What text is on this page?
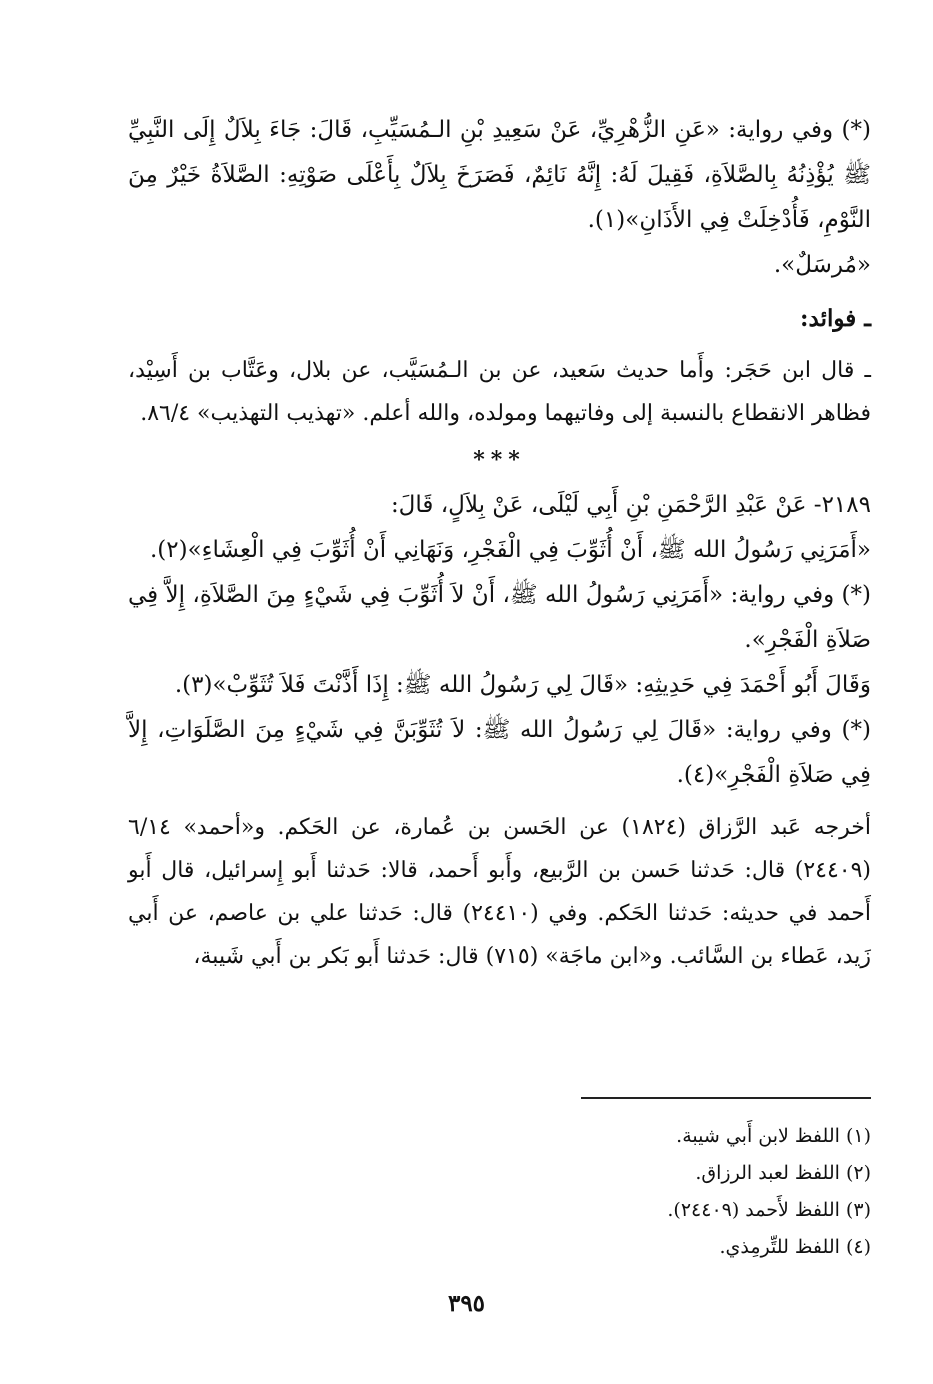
(*) وفي رواية: «عَنِ الزُّهْرِيِّ، عَنْ سَعِيدِ بْنِ الـمُسَيِّبِ، قَالَ: جَاءَ بِلاَلٌ إِلَى النَّبِيِّ ﷺ يُؤْذِنُهُ بِالصَّلاَةِ، فَقِيلَ لَهُ: إِنَّهُ نَائِمٌ، فَصَرَخَ بِلاَلٌ بِأَعْلَى صَوْتِهِ: الصَّلاَةُ خَيْرٌ مِنَ النَّوْمِ، فَأُدْخِلَتْ فِي الأَذَانِ»(١).

«مُرسَلٌ».

ـ فوائد:

ـ قال ابن حَجَر: وأَما حديث سَعيد، عن بن الـمُسَيَّب، عن بلال، وعَتَّاب بن أَسِيْد، فظاهر الانقطاع بالنسبة إلى وفاتيهما ومولده، والله أعلم. «تهذيب التهذيب» ٨٦/٤.

***

٢١٨٩- عَنْ عَبْدِ الرَّحْمَنِ بْنِ أَبِي لَيْلَى، عَنْ بِلاَلٍ، قَالَ:

«أَمَرَنِي رَسُولُ الله ﷺ، أَنْ أُثَوِّبَ فِي الْفَجْرِ، وَنَهَانِي أَنْ أُثَوِّبَ فِي الْعِشَاءِ»(٢).

(*) وفي رواية: «أَمَرَنِي رَسُولُ الله ﷺ، أَنْ لاَ أُثَوِّبَ فِي شَيْءٍ مِنَ الصَّلاَةِ، إِلاَّ فِي صَلاَةِ الْفَجْرِ».

وَقَالَ أَبُو أَحْمَدَ فِي حَدِيثِهِ: «قَالَ لِي رَسُولُ الله ﷺ: إِذَا أَذَّنْتَ فَلاَ تُثَوِّبْ»(٣).

(*) وفي رواية: «قَالَ لِي رَسُولُ الله ﷺ: لاَ تُثَوِّبَنَّ فِي شَيْءٍ مِنَ الصَّلَوَاتِ، إِلاَّ فِي صَلاَةِ الْفَجْرِ»(٤).

أخرجه عَبد الرَّزاق (١٨٢٤) عن الحَسن بن عُمارة، عن الحَكم. و«أحمد» ٦/١٤ (٢٤٤٠٩) قال: حَدثنا حَسن بن الرَّبيع، وأَبو أَحمد، قالا: حَدثنا أَبو إِسرائيل، قال أَبو أَحمد في حديثه: حَدثنا الحَكم. وفي (٢٤٤١٠) قال: حَدثنا علي بن عاصم، عن أَبي زَيد، عَطاء بن السَّائب. و«ابن ماجَة» (٧١٥) قال: حَدثنا أَبو بَكر بن أَبي شَيبة،

(١) اللفظ لابن أَبي شيبة.
(٢) اللفظ لعبد الرزاق.
(٣) اللفظ لأَحمد (٢٤٤٠٩).
(٤) اللفظ للتِّرمِذي.
٣٩٥
